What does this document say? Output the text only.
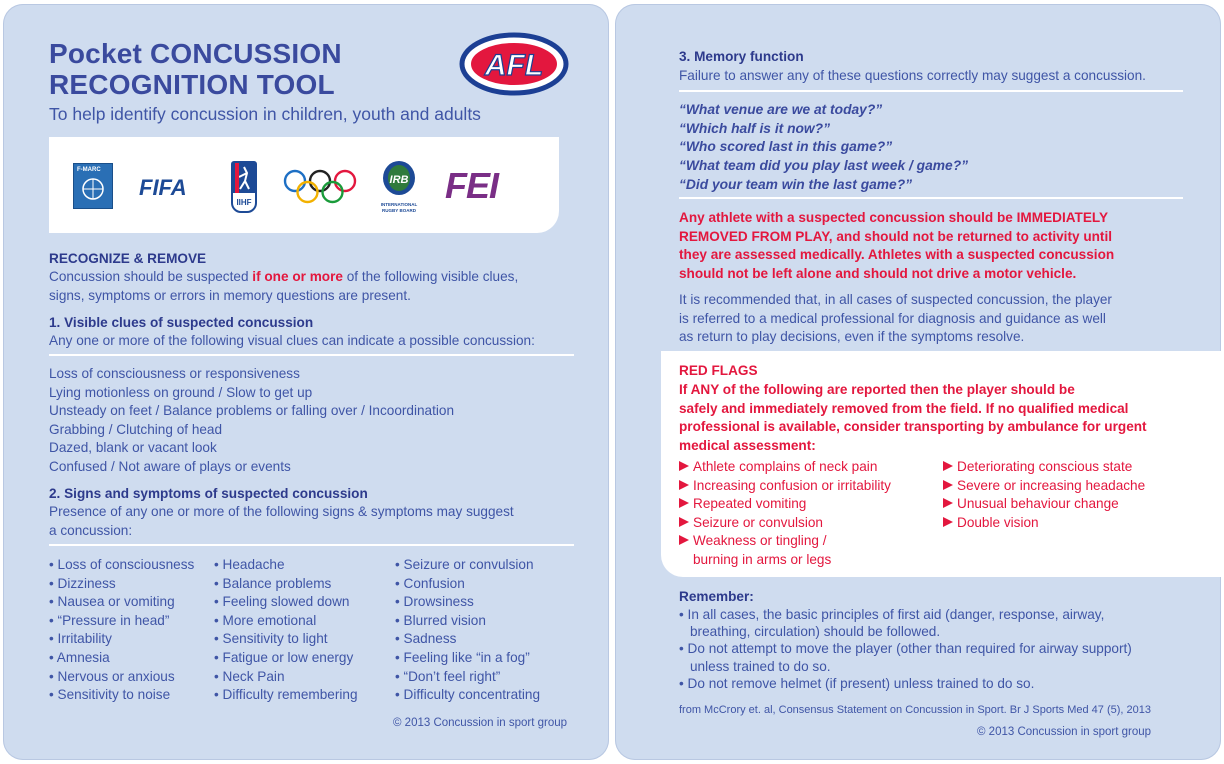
Pocket CONCUSSION
RECOGNITION TOOL
AFL
To help identify concussion in children, youth and adults
F-MARC
FIFA
IIHF
IRB
INTERNATIONAL
RUGBY BOARD
FEI
RECOGNIZE & REMOVE
Concussion should be suspected if one or more of the following visible clues,
signs, symptoms or errors in memory questions are present.
1. Visible clues of suspected concussion
Any one or more of the following visual clues can indicate a possible concussion:
Loss of consciousness or responsiveness
Lying motionless on ground / Slow to get up
Unsteady on feet / Balance problems or falling over / Incoordination
Grabbing / Clutching of head
Dazed, blank or vacant look
Confused / Not aware of plays or events
2. Signs and symptoms of suspected concussion
Presence of any one or more of the following signs & symptoms may suggest
a concussion:
• Loss of consciousness
• Dizziness
• Nausea or vomiting
• “Pressure in head”
• Irritability
• Amnesia
• Nervous or anxious
• Sensitivity to noise
• Headache
• Balance problems
• Feeling slowed down
• More emotional
• Sensitivity to light
• Fatigue or low energy
• Neck Pain
• Difficulty remembering
• Seizure or convulsion
• Confusion
• Drowsiness
• Blurred vision
• Sadness
• Feeling like “in a fog”
• “Don’t feel right”
• Difficulty concentrating
© 2013 Concussion in sport group
3. Memory function
Failure to answer any of these questions correctly may suggest a concussion.
“What venue are we at today?”
“Which half is it now?”
“Who scored last in this game?”
“What team did you play last week / game?”
“Did your team win the last game?”
Any athlete with a suspected concussion should be IMMEDIATELY
REMOVED FROM PLAY, and should not be returned to activity until
they are assessed medically. Athletes with a suspected concussion
should not be left alone and should not drive a motor vehicle.
It is recommended that, in all cases of suspected concussion, the player
is referred to a medical professional for diagnosis and guidance as well
as return to play decisions, even if the symptoms resolve.
RED FLAGS
If ANY of the following are reported then the player should be
safely and immediately removed from the field. If no qualified medical
professional is available, consider transporting by ambulance for urgent
medical assessment:
Athlete complains of neck pain
Increasing confusion or irritability
Repeated vomiting
Seizure or convulsion
Weakness or tingling /
burning in arms or legs
Deteriorating conscious state
Severe or increasing headache
Unusual behaviour change
Double vision
Remember:
• In all cases, the basic principles of first aid (danger, response, airway,
breathing, circulation) should be followed.
• Do not attempt to move the player (other than required for airway support)
unless trained to do so.
• Do not remove helmet (if present) unless trained to do so.
from McCrory et. al, Consensus Statement on Concussion in Sport. Br J Sports Med 47 (5), 2013
© 2013 Concussion in sport group
